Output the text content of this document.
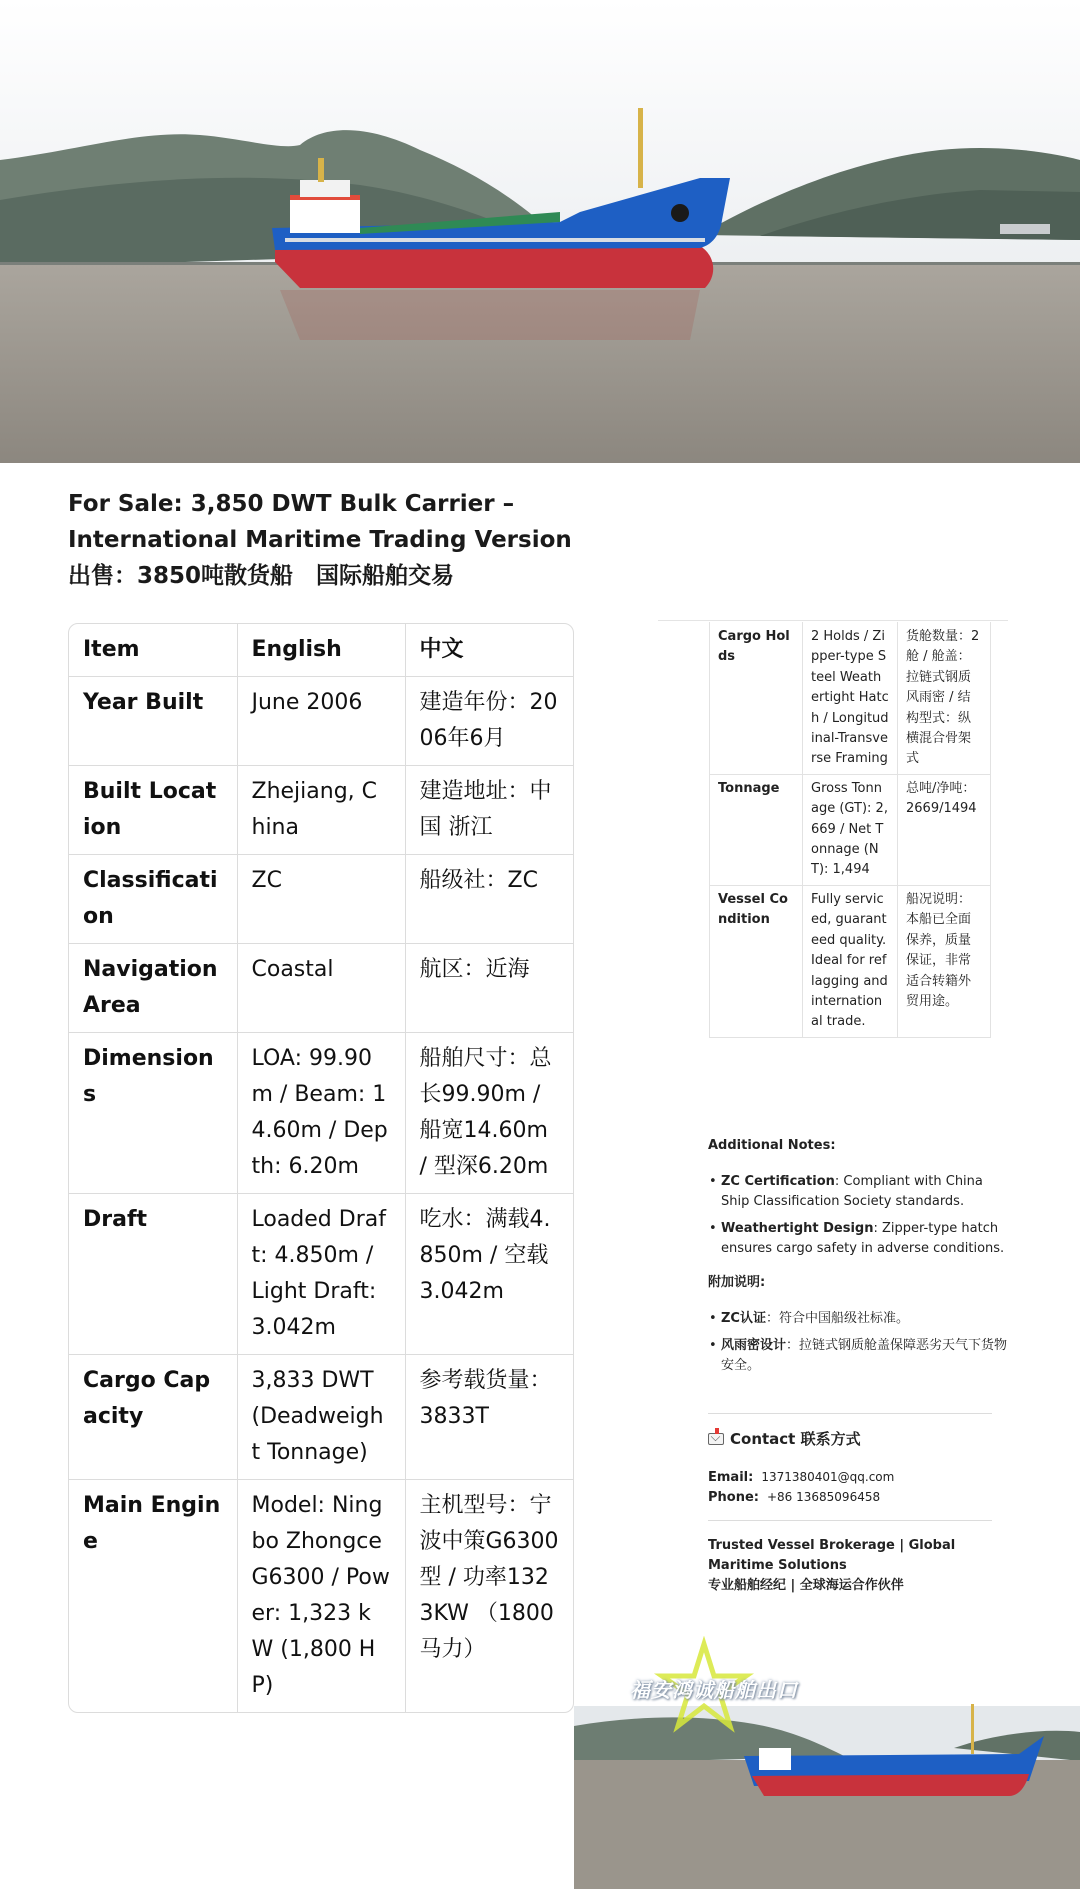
For Sale: 3,850 DWT Bulk Carrier –
International Maritime Trading Version
出售：3850吨散货船　国际船舶交易
Item	English	中文
Year Built	June 2006	建造年份：2006年6月
Built Location	Zhejiang, China	建造地址：中国 浙江
Classification	ZC	船级社：ZC
Navigation Area	Coastal	航区：近海
Dimensions	LOA: 99.90m / Beam: 14.60m / Depth: 6.20m	船舶尺寸：总长99.90m / 船宽14.60m / 型深6.20m
Draft	Loaded Draft: 4.850m / Light Draft: 3.042m	吃水：满载4.850m / 空载3.042m
Cargo Capacity	3,833 DWT (Deadweight Tonnage)	参考载货量：3833T
Main Engine	Model: Ningbo Zhongce G6300 / Power: 1,323 kW (1,800 HP)	主机型号：宁波中策G6300型 / 功率1323KW （1800马力）
Cargo Holds	2 Holds / Zipper-type Steel Weathertight Hatch / Longitudinal-Transverse Framing	货舱数量：2舱 / 舱盖：拉链式钢质风雨密 / 结构型式：纵横混合骨架式
Tonnage	Gross Tonnage (GT): 2,669 / Net Tonnage (NT): 1,494	总吨/净吨：2669/1494
Vessel Condition	Fully serviced, guaranteed quality. Ideal for reflagging and international trade.	船况说明：本船已全面保养，质量保证，非常适合转籍外贸用途。
Additional Notes:
• ZC Certification: Compliant with China Ship Classification Society standards.
• Weathertight Design: Zipper-type hatch ensures cargo safety in adverse conditions.
附加说明:
• ZC认证：符合中国船级社标准。
• 风雨密设计：拉链式钢质舱盖保障恶劣天气下货物安全。
Contact 联系方式
Email: 1371380401@qq.com
Phone: +86 13685096458
Trusted Vessel Brokerage | Global Maritime Solutions
专业船舶经纪 | 全球海运合作伙伴
福安鸿诚船舶出口
